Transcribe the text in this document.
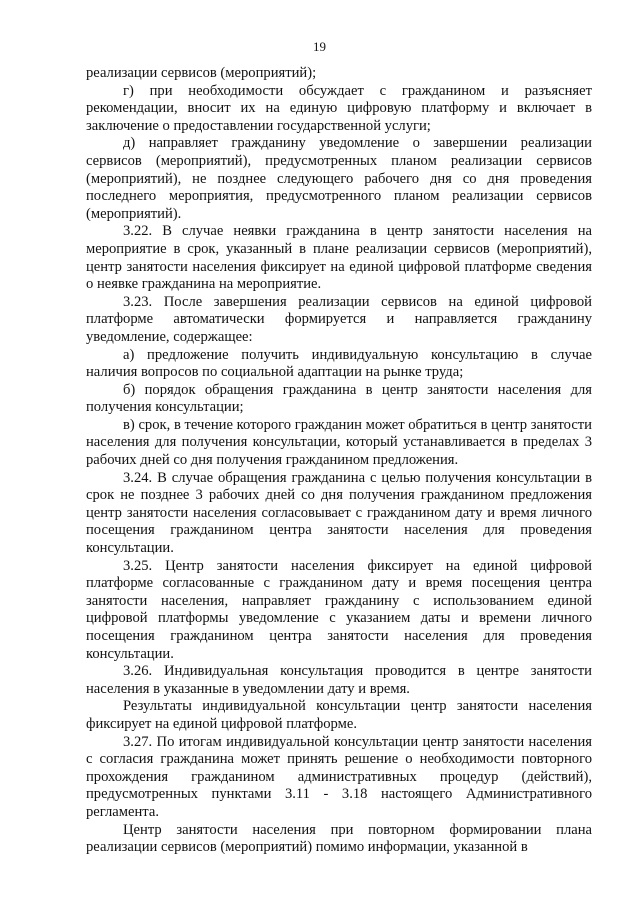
19

реализации сервисов (мероприятий);

г) при необходимости обсуждает с гражданином и разъясняет рекомендации, вносит их на единую цифровую платформу и включает в заключение о предоставлении государственной услуги;

д) направляет гражданину уведомление о завершении реализации сервисов (мероприятий), предусмотренных планом реализации сервисов (мероприятий), не позднее следующего рабочего дня со дня проведения последнего мероприятия, предусмотренного планом реализации сервисов (мероприятий).

3.22. В случае неявки гражданина в центр занятости населения на мероприятие в срок, указанный в плане реализации сервисов (мероприятий), центр занятости населения фиксирует на единой цифровой платформе сведения о неявке гражданина на мероприятие.

3.23. После завершения реализации сервисов на единой цифровой платформе автоматически формируется и направляется гражданину уведомление, содержащее:

а) предложение получить индивидуальную консультацию в случае наличия вопросов по социальной адаптации на рынке труда;

б) порядок обращения гражданина в центр занятости населения для получения консультации;

в) срок, в течение которого гражданин может обратиться в центр занятости населения для получения консультации, который устанавливается в пределах 3 рабочих дней со дня получения гражданином предложения.

3.24. В случае обращения гражданина с целью получения консультации в срок не позднее 3 рабочих дней со дня получения гражданином предложения центр занятости населения согласовывает с гражданином дату и время личного посещения гражданином центра занятости населения для проведения консультации.

3.25. Центр занятости населения фиксирует на единой цифровой платформе согласованные с гражданином дату и время посещения центра занятости населения, направляет гражданину с использованием единой цифровой платформы уведомление с указанием даты и времени личного посещения гражданином центра занятости населения для проведения консультации.

3.26. Индивидуальная консультация проводится в центре занятости населения в указанные в уведомлении дату и время.

Результаты индивидуальной консультации центр занятости населения фиксирует на единой цифровой платформе.

3.27. По итогам индивидуальной консультации центр занятости населения с согласия гражданина может принять решение о необходимости повторного прохождения гражданином административных процедур (действий), предусмотренных пунктами 3.11 - 3.18 настоящего Административного регламента.

Центр занятости населения при повторном формировании плана реализации сервисов (мероприятий) помимо информации, указанной в
